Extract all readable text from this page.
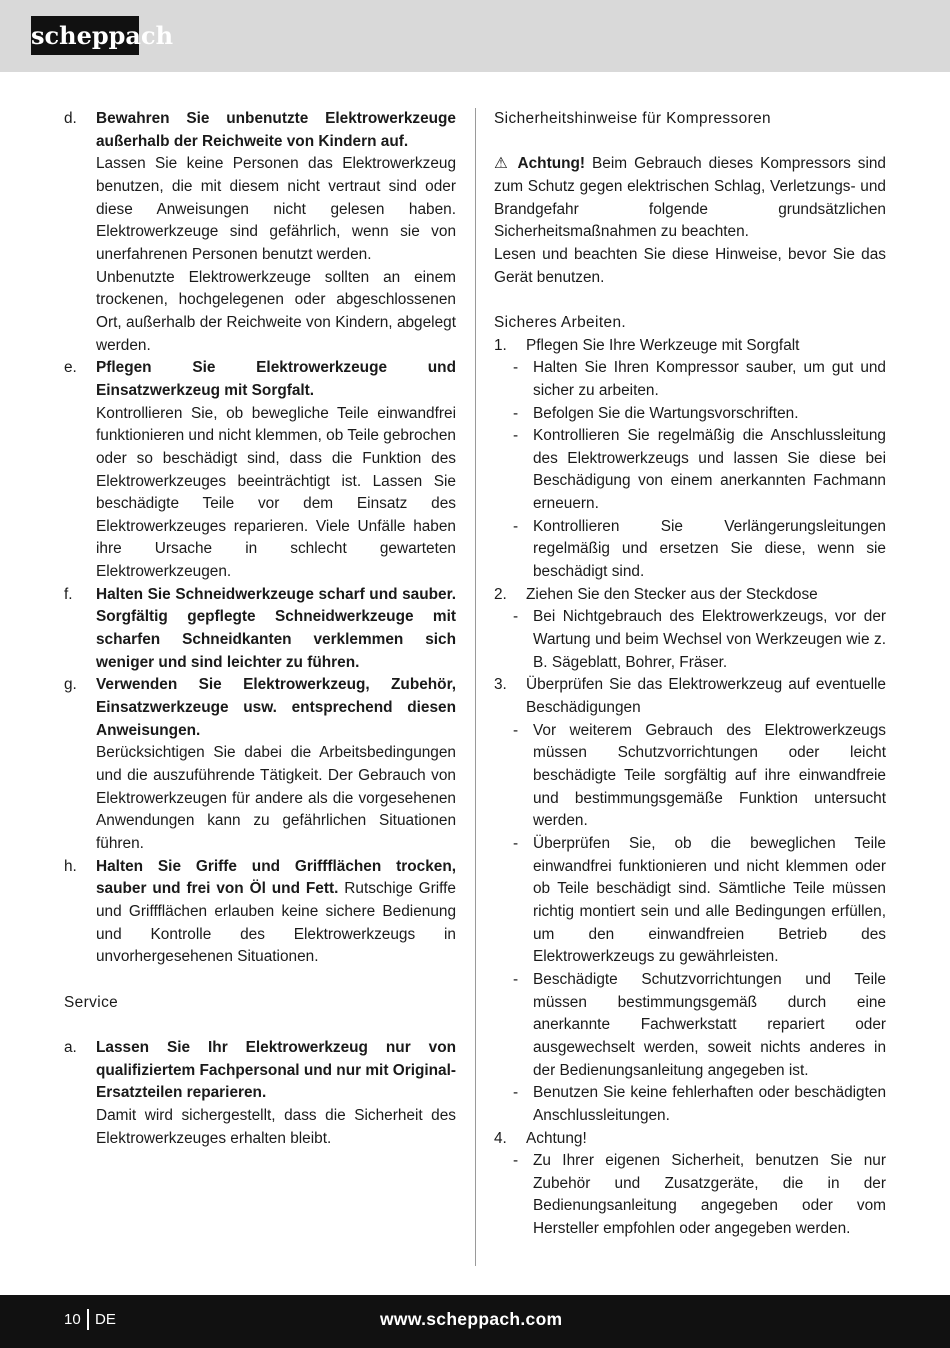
scheppach
d. Bewahren Sie unbenutzte Elektrowerkzeuge außerhalb der Reichweite von Kindern auf.

Lassen Sie keine Personen das Elektrowerkzeug benutzen, die mit diesem nicht vertraut sind oder diese Anweisungen nicht gelesen haben. Elektrowerkzeuge sind gefährlich, wenn sie von unerfahrenen Personen benutzt werden.

Unbenutzte Elektrowerkzeuge sollten an einem trockenen, hochgelegenen oder abgeschlossenen Ort, außerhalb der Reichweite von Kindern, abgelegt werden.

e. Pflegen Sie Elektrowerkzeuge und Einsatzwerkzeug mit Sorgfalt.

Kontrollieren Sie, ob bewegliche Teile einwandfrei funktionieren und nicht klemmen, ob Teile gebrochen oder so beschädigt sind, dass die Funktion des Elektrowerkzeuges beeinträchtigt ist. Lassen Sie beschädigte Teile vor dem Einsatz des Elektrowerkzeuges reparieren. Viele Unfälle haben ihre Ursache in schlecht gewarteten Elektrowerkzeugen.

f. Halten Sie Schneidwerkzeuge scharf und sauber. Sorgfältig gepflegte Schneidwerkzeuge mit scharfen Schneidkanten verklemmen sich weniger und sind leichter zu führen.

g. Verwenden Sie Elektrowerkzeug, Zubehör, Einsatzwerkzeuge usw. entsprechend diesen Anweisungen.

Berücksichtigen Sie dabei die Arbeitsbedingungen und die auszuführende Tätigkeit. Der Gebrauch von Elektrowerkzeugen für andere als die vorgesehenen Anwendungen kann zu gefährlichen Situationen führen.

h. Halten Sie Griffe und Griffflächen trocken, sauber und frei von Öl und Fett. Rutschige Griffe und Griffflächen erlauben keine sichere Bedienung und Kontrolle des Elektrowerkzeugs in unvorhergesehenen Situationen.

Service

a. Lassen Sie Ihr Elektrowerkzeug nur von qualifiziertem Fachpersonal und nur mit Original-Ersatzteilen reparieren.

Damit wird sichergestellt, dass die Sicherheit des Elektrowerkzeuges erhalten bleibt.

Sicherheitshinweise für Kompressoren

⚠ Achtung! Beim Gebrauch dieses Kompressors sind zum Schutz gegen elektrischen Schlag, Verletzungs- und Brandgefahr folgende grundsätzlichen Sicherheitsmaßnahmen zu beachten.

Lesen und beachten Sie diese Hinweise, bevor Sie das Gerät benutzen.

Sicheres Arbeiten.

1. Pflegen Sie Ihre Werkzeuge mit Sorgfalt

- Halten Sie Ihren Kompressor sauber, um gut und sicher zu arbeiten.

- Befolgen Sie die Wartungsvorschriften.

- Kontrollieren Sie regelmäßig die Anschlussleitung des Elektrowerkzeugs und lassen Sie diese bei Beschädigung von einem anerkannten Fachmann erneuern.

- Kontrollieren Sie Verlängerungsleitungen regelmäßig und ersetzen Sie diese, wenn sie beschädigt sind.

2. Ziehen Sie den Stecker aus der Steckdose

- Bei Nichtgebrauch des Elektrowerkzeugs, vor der Wartung und beim Wechsel von Werkzeugen wie z. B. Sägeblatt, Bohrer, Fräser.

3. Überprüfen Sie das Elektrowerkzeug auf eventuelle Beschädigungen

- Vor weiterem Gebrauch des Elektrowerkzeugs müssen Schutzvorrichtungen oder leicht beschädigte Teile sorgfältig auf ihre einwandfreie und bestimmungsgemäße Funktion untersucht werden.

- Überprüfen Sie, ob die beweglichen Teile einwandfrei funktionieren und nicht klemmen oder ob Teile beschädigt sind. Sämtliche Teile müssen richtig montiert sein und alle Bedingungen erfüllen, um den einwandfreien Betrieb des Elektrowerkzeugs zu gewährleisten.

- Beschädigte Schutzvorrichtungen und Teile müssen bestimmungsgemäß durch eine anerkannte Fachwerkstatt repariert oder ausgewechselt werden, soweit nichts anderes in der Bedienungsanleitung angegeben ist.

- Benutzen Sie keine fehlerhaften oder beschädigten Anschlussleitungen.

4. Achtung!

- Zu Ihrer eigenen Sicherheit, benutzen Sie nur Zubehör und Zusatzgeräte, die in der Bedienungsanleitung angegeben oder vom Hersteller empfohlen oder angegeben werden.

10 DE	www.scheppach.com
